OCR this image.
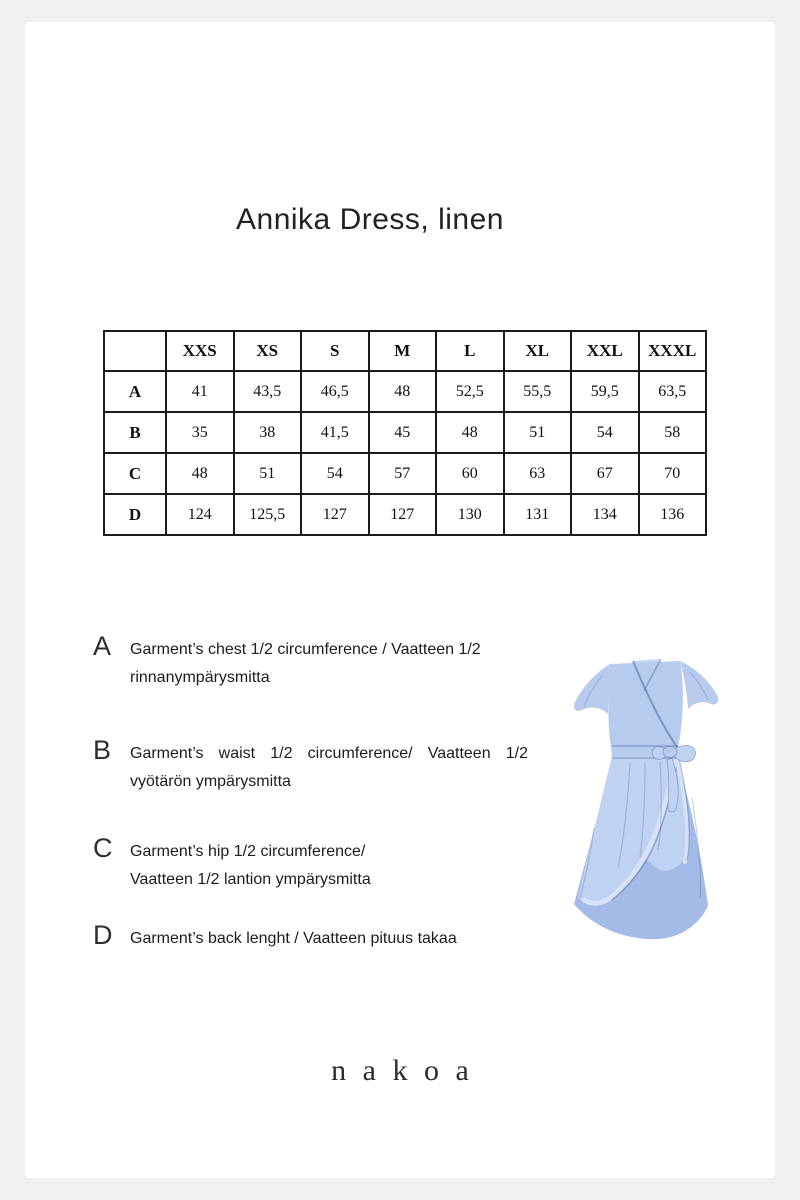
Annika Dress, linen
	XXS	XS	S	M	L	XL	XXL	XXXL
A	41	43,5	46,5	48	52,5	55,5	59,5	63,5
B	35	38	41,5	45	48	51	54	58
C	48	51	54	57	60	63	67	70
D	124	125,5	127	127	130	131	134	136
A	Garment’s chest 1/2 circumference / Vaatteen 1/2
rinnanympärysmitta
B	Garment’s waist 1/2 circumference/ Vaatteen 1/2
vyötärön ympärysmitta
C	Garment’s hip 1/2 circumference/
Vaatteen 1/2 lantion ympärysmitta
D	Garment’s back lenght / Vaatteen pituus takaa
nakoa
